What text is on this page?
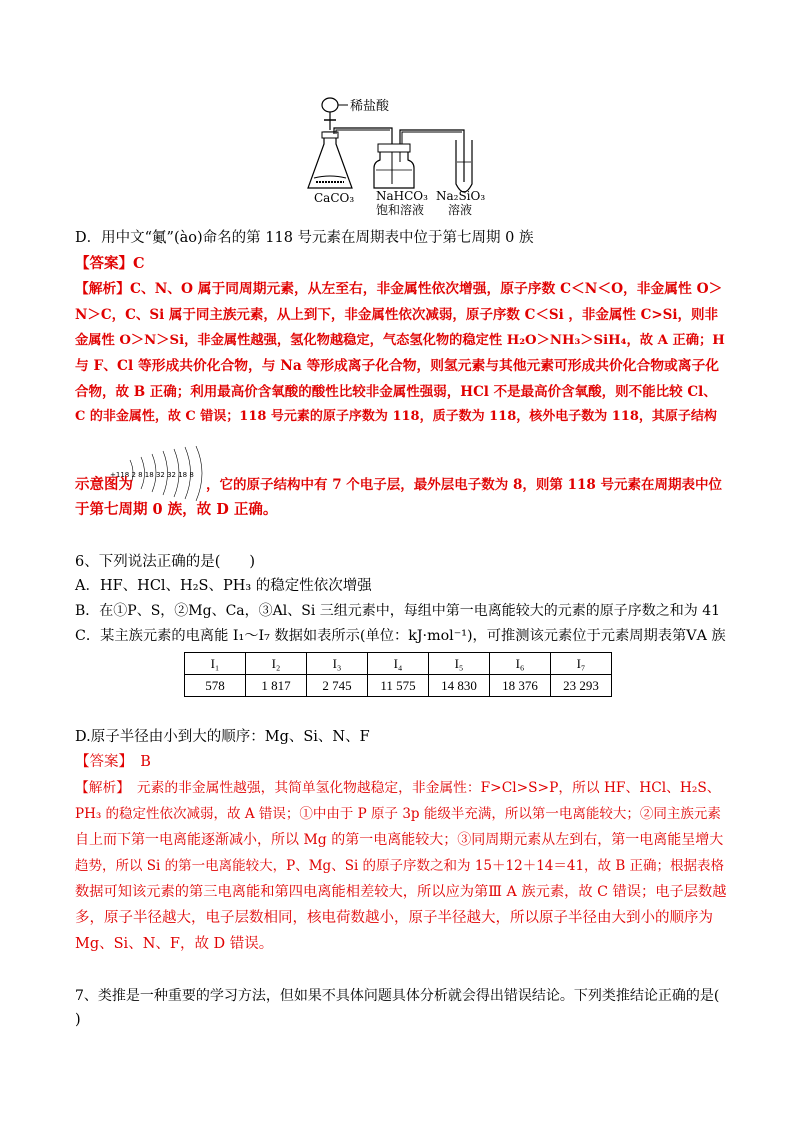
稀盐酸
CaCO₃ NaHCO₃
饱和溶液
Na₂SiO₃
溶液
D．用中文“鿫”(ào)命名的第 118 号元素在周期表中位于第七周期 0 族
【答案】C
【解析】C、N、O 属于同周期元素，从左至右，非金属性依次增强，原子序数 C＜N＜O，非金属性 O＞
N＞C，C、Si 属于同主族元素，从上到下，非金属性依次减弱，原子序数 C＜Si ，非金属性 C>Si，则非
金属性 O＞N＞Si，非金属性越强，氢化物越稳定，气态氢化物的稳定性 H₂O＞NH₃＞SiH₄，故 A 正确；H
与 F、Cl 等形成共价化合物，与 Na 等形成离子化合物，则氢元素与其他元素可形成共价化合物或离子化
合物，故 B 正确；利用最高价含氧酸的酸性比较非金属性强弱，HCl 不是最高价含氧酸，则不能比较 Cl、
C 的非金属性，故 C 错误；118 号元素的原子序数为 118，质子数为 118，核外电子数为 118，其原子结构
+118 2 8 18 32 32 18 8
示意图为	，它的原子结构中有 7 个电子层，最外层电子数为 8，则第 118 号元素在周期表中位
于第七周期 0 族，故 D 正确。
6、下列说法正确的是(　　)
A．HF、HCl、H₂S、PH₃ 的稳定性依次增强
B．在①P、S，②Mg、Ca，③Al、Si 三组元素中，每组中第一电离能较大的元素的原子序数之和为 41
C．某主族元素的电离能 I₁～I₇ 数据如表所示(单位：kJ·mol⁻¹)，可推测该元素位于元素周期表第ⅤA 族
I₁	I₂	I₃	I₄	I₅	I₆	I₇
578	1 817	2 745	11 575	14 830	18 376	23 293
D.原子半径由小到大的顺序：Mg、Si、N、F
【答案】　B
【解析】　元素的非金属性越强，其简单氢化物越稳定，非金属性：F>Cl>S>P，所以 HF、HCl、H₂S、
PH₃ 的稳定性依次减弱，故 A 错误；①中由于 P 原子 3p 能级半充满，所以第一电离能较大；②同主族元素
自上而下第一电离能逐渐减小，所以 Mg 的第一电离能较大；③同周期元素从左到右，第一电离能呈增大
趋势，所以 Si 的第一电离能较大，P、Mg、Si 的原子序数之和为 15＋12＋14＝41，故 B 正确；根据表格
数据可知该元素的第三电离能和第四电离能相差较大，所以应为第Ⅲ A 族元素，故 C 错误；电子层数越
多，原子半径越大，电子层数相同，核电荷数越小，原子半径越大，所以原子半径由大到小的顺序为
Mg、Si、N、F，故 D 错误。
7、类推是一种重要的学习方法，但如果不具体问题具体分析就会得出错误结论。下列类推结论正确的是(
)
